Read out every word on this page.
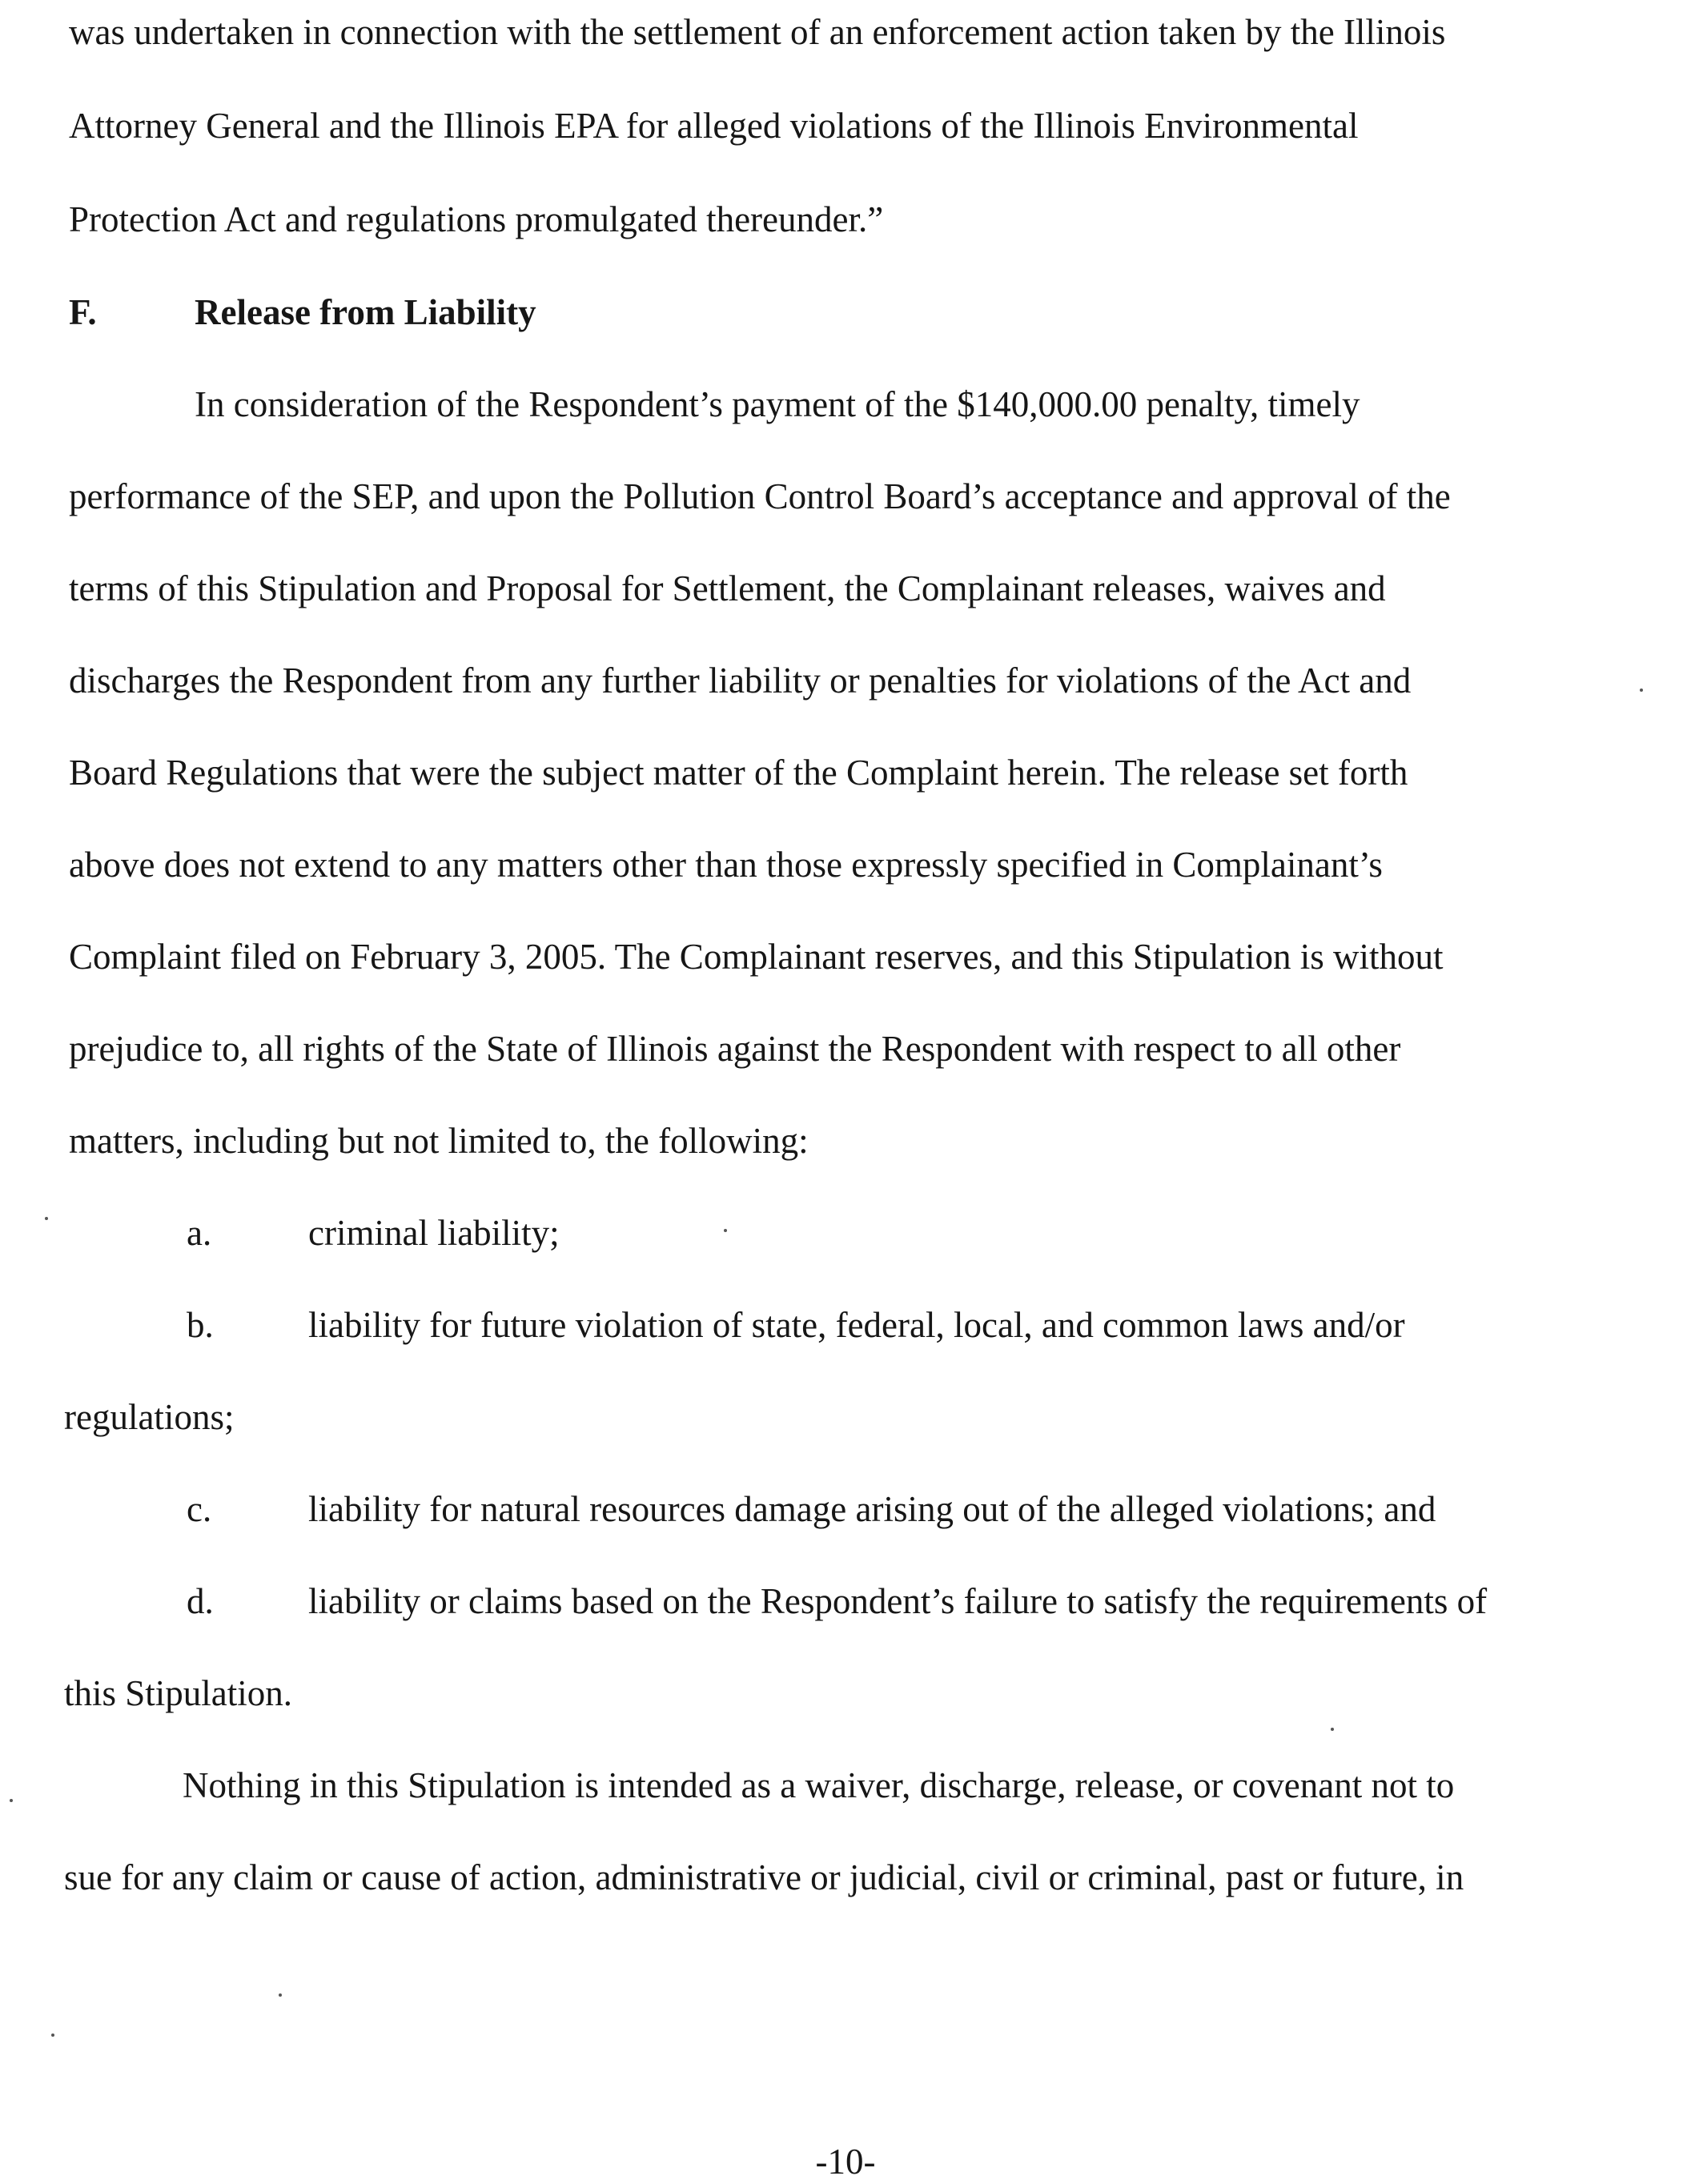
was undertaken in connection with the settlement of an enforcement action taken by the Illinois
Attorney General and the Illinois EPA for alleged violations of the Illinois Environmental
Protection Act and regulations promulgated thereunder.”
F.	Release from Liability
In consideration of the Respondent’s payment of the $140,000.00 penalty, timely
performance of the SEP, and upon the Pollution Control Board’s acceptance and approval of the
terms of this Stipulation and Proposal for Settlement, the Complainant releases, waives and
discharges the Respondent from any further liability or penalties for violations of the Act and
Board Regulations that were the subject matter of the Complaint herein. The release set forth
above does not extend to any matters other than those expressly specified in Complainant’s
Complaint filed on February 3, 2005. The Complainant reserves, and this Stipulation is without
prejudice to, all rights of the State of Illinois against the Respondent with respect to all other
matters, including but not limited to, the following:
a.	criminal liability;
b.	liability for future violation of state, federal, local, and common laws and/or
regulations;
c.	liability for natural resources damage arising out of the alleged violations; and
d.	liability or claims based on the Respondent’s failure to satisfy the requirements of
this Stipulation.
Nothing in this Stipulation is intended as a waiver, discharge, release, or covenant not to
sue for any claim or cause of action, administrative or judicial, civil or criminal, past or future, in
-10-
